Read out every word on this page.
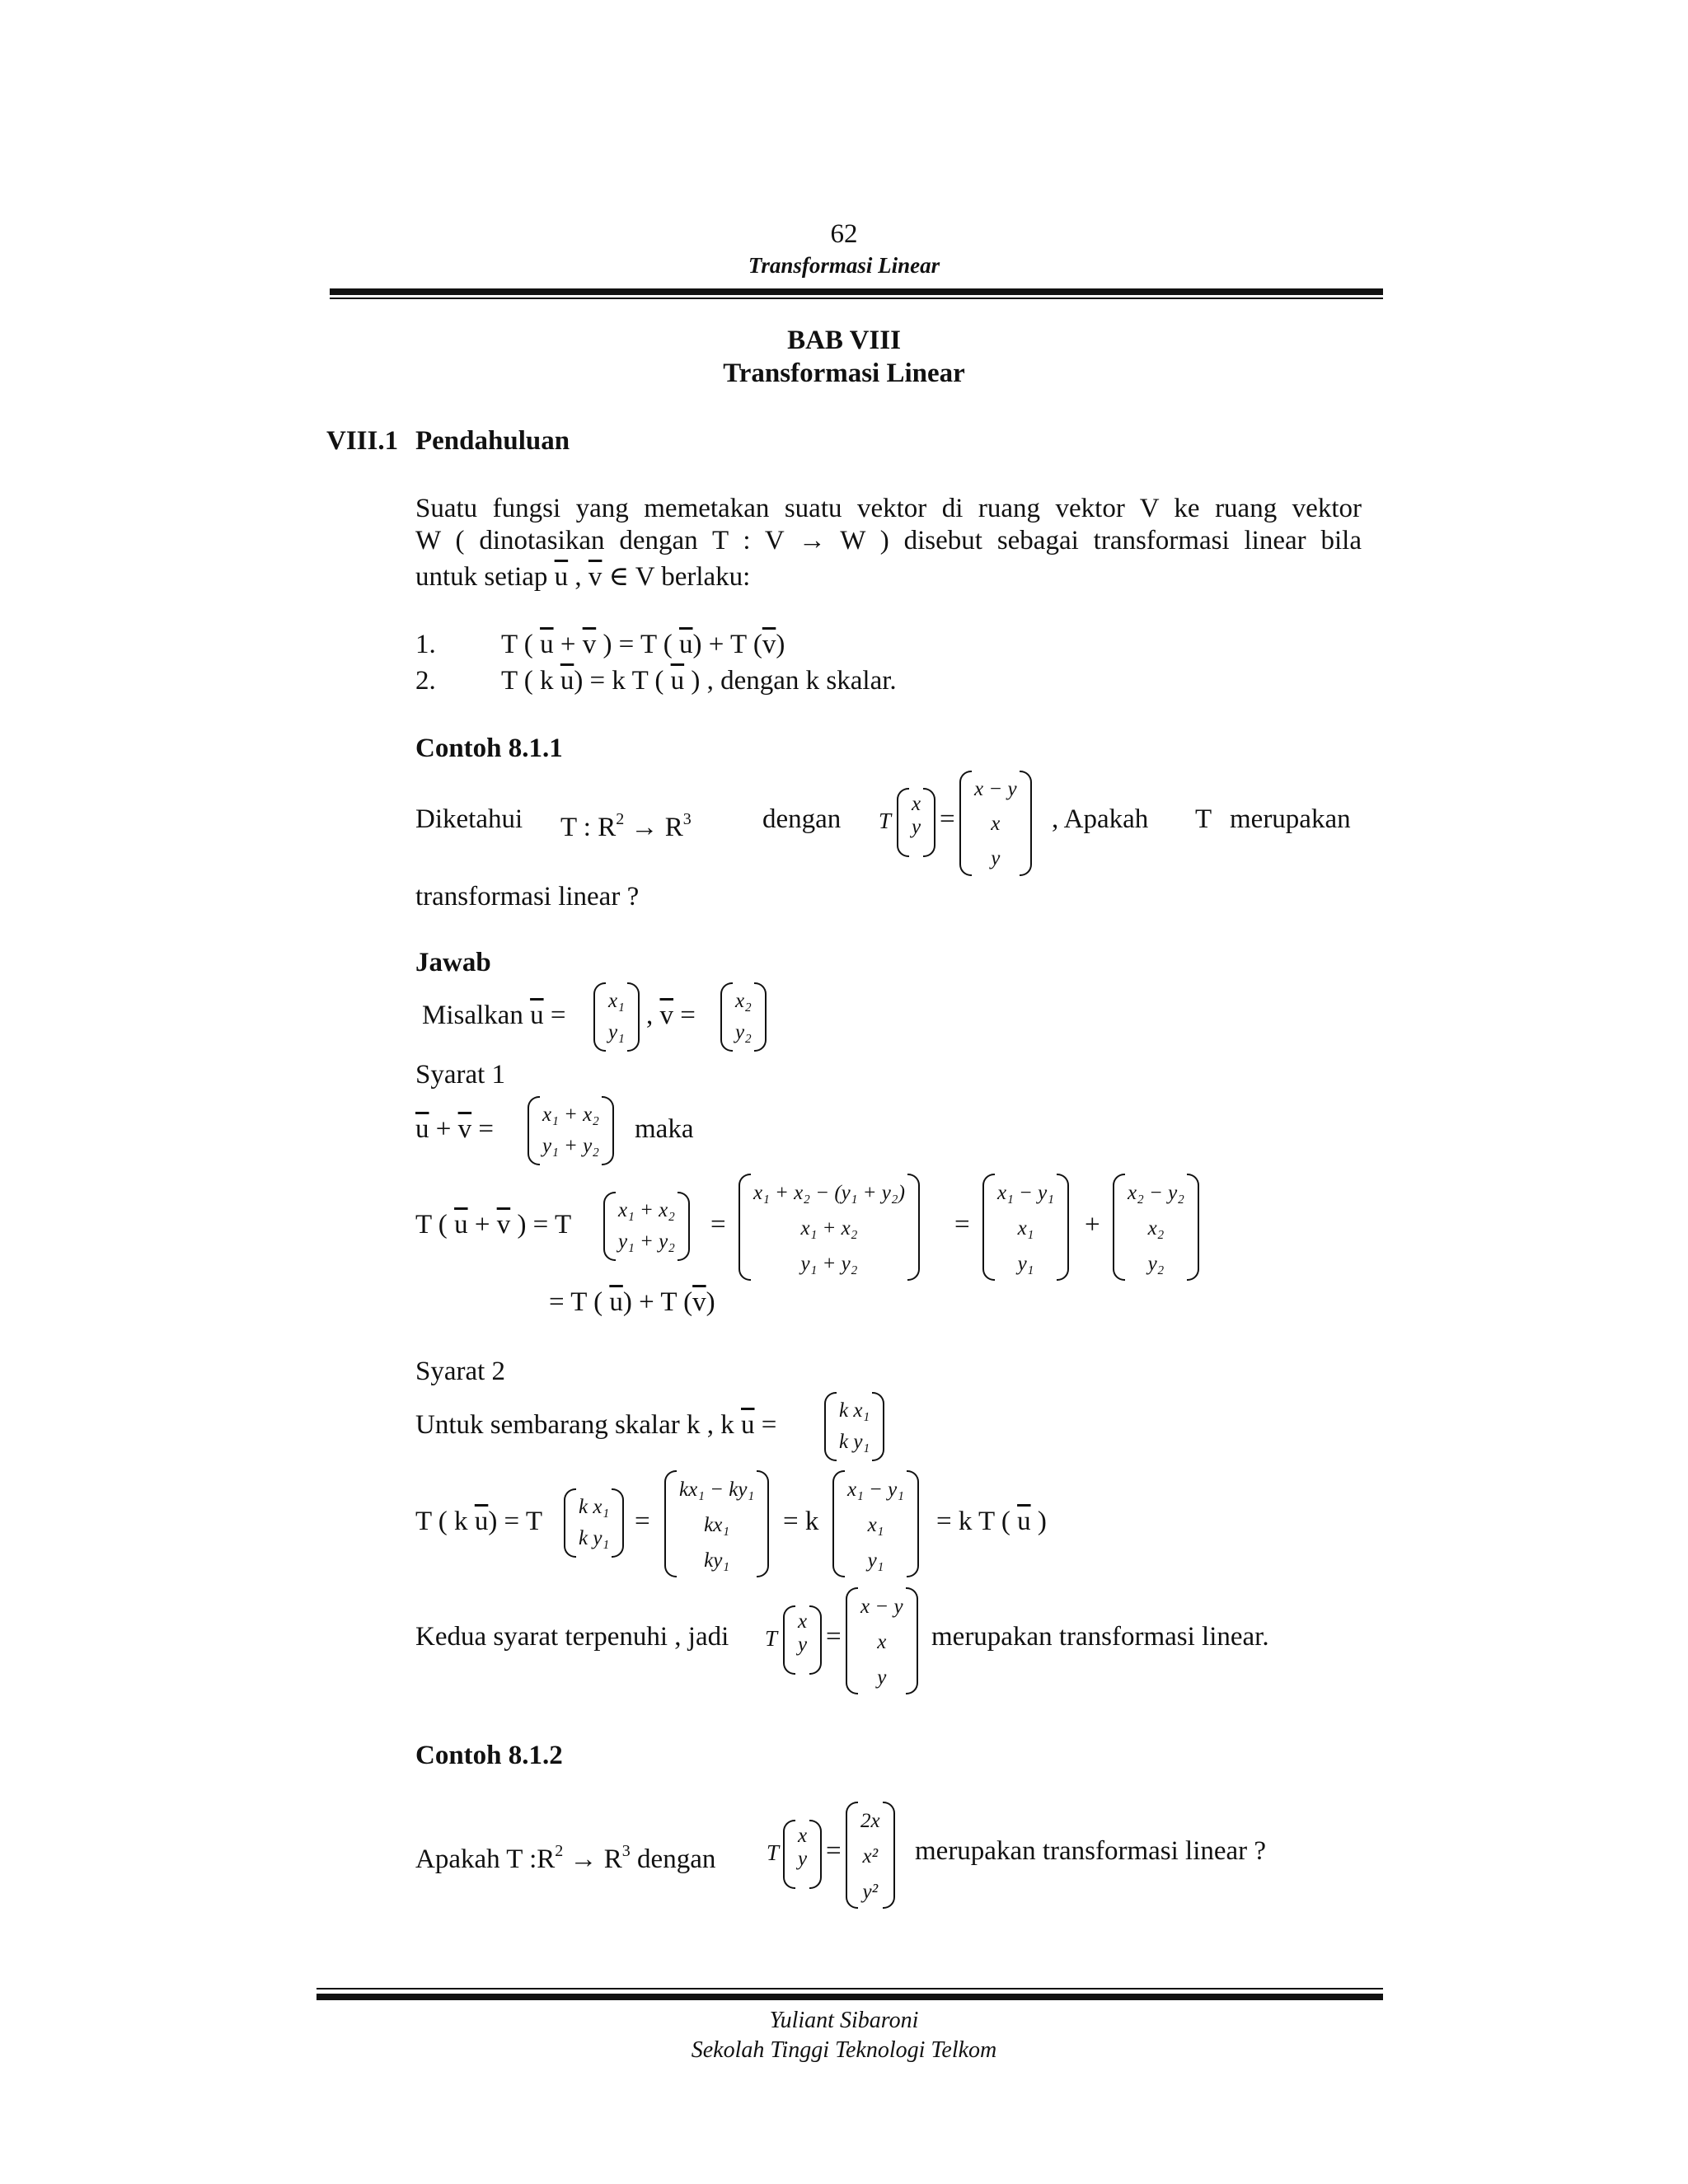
62
Transformasi Linear
BAB VIII
Transformasi Linear
VIII.1 Pendahuluan
Suatu fungsi yang memetakan suatu vektor di ruang vektor V ke ruang vektor
W ( dinotasikan dengan T : V → W ) disebut sebagai transformasi linear bila
untuk setiap $\overline{u}$ , $\overline{v}$ ∈ V berlaku:
1. T ( $\overline{u} + \overline{v}$ ) = T ( $\overline{u}) + T$ $(\overline{v})$
2. T ( k $\overline{u}) = k$ T ( $\overline{u}$ ) , dengan k skalar.
Contoh 8.1.1
Diketahui T : $R^2 \to R^3$	dengan T
x
y =
x − y
x
y
, Apakah T merupakan
transformasi linear ?
Jawab
Misalkan $\overline{u}$ =	x₁
y₁
, $\overline{v}$ =	x₂
y₂
Syarat 1
$\overline{u} + \overline{v}$ =	x₁ + x₂
y₁ + y₂
maka
T ( $\overline{u} + \overline{v}$ ) = T	x₁ + x₂
y₁ + y₂
=
x₁ + x₂ − (y₁ + y₂)
x₁ + x₂
y₁ + y₂
=
x₁ − y₁
x₁
y₁
+
x₂ − y₂
x₂
y₂
= T ( $\overline{u}) + T$ $(\overline{v})$
Syarat 2
Untuk sembarang skalar k , k $\overline{u}$ =	k x₁
k y₁
T ( k $\overline{u}) = T$	k x₁
k y₁
=
kx₁ − ky₁
kx₁
ky₁
= k
x₁ − y₁
x₁
y₁
= k T ( $\overline{u}$ )
Kedua syarat terpenuhi , jadi T
x
y =
x − y
x
y
merupakan transformasi linear.
Contoh 8.1.2
Apakah T $:R^2 \to R^3$ dengan T
x
y =
2x
x²
y²
merupakan transformasi linear ?
Yuliant Sibaroni
Sekolah Tinggi Teknologi Telkom
